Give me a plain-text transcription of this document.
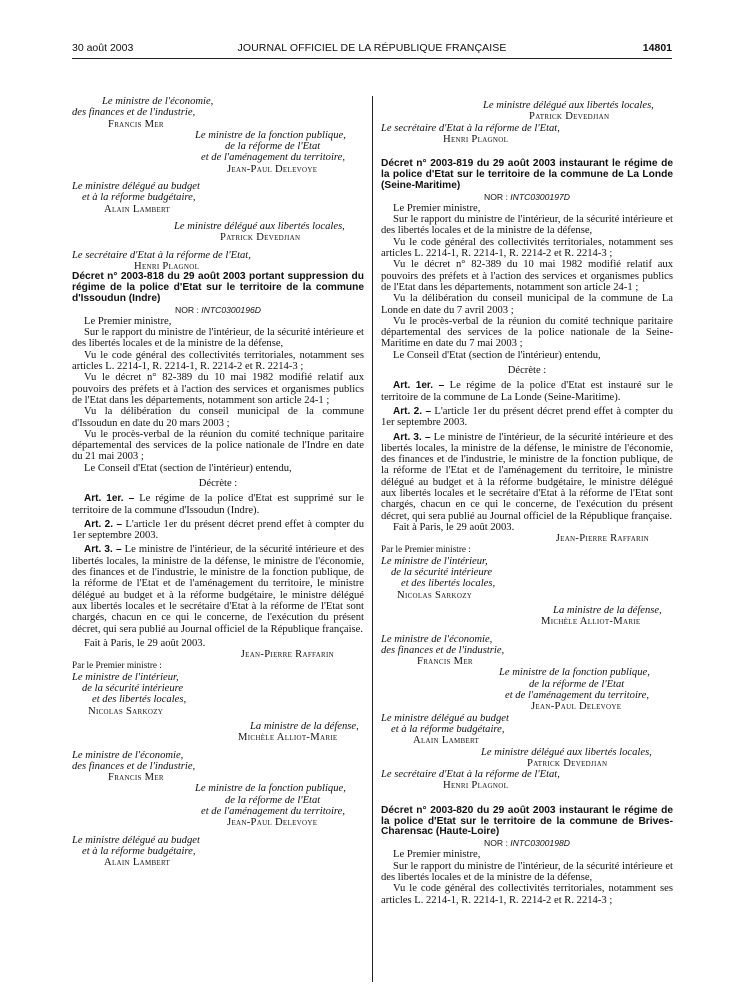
30 août 2003	JOURNAL OFFICIEL DE LA RÉPUBLIQUE FRANÇAISE	14801

Le ministre de l'économie,

des finances et de l'industrie,

Francis Mer

Le ministre de la fonction publique,

de la réforme de l'Etat

et de l'aménagement du territoire,

Jean-Paul Delevoye

Le ministre délégué au budget

et à la réforme budgétaire,

Alain Lambert

Le ministre délégué aux libertés locales,

Patrick Devedjian

Le secrétaire d'Etat à la réforme de l'Etat,

Henri Plagnol

Décret n° 2003-818 du 29 août 2003 portant suppression du régime de la police d'Etat sur le territoire de la commune d'Issoudun (Indre)

NOR : INTC0300196D

Le Premier ministre,

Sur le rapport du ministre de l'intérieur, de la sécurité intérieure et des libertés locales et de la ministre de la défense,

Vu le code général des collectivités territoriales, notamment ses articles L. 2214-1, R. 2214-1, R. 2214-2 et R. 2214-3 ;

Vu le décret n° 82-389 du 10 mai 1982 modifié relatif aux pouvoirs des préfets et à l'action des services et organismes publics de l'Etat dans les départements, notamment son article 24-1 ;

Vu la délibération du conseil municipal de la commune d'Issoudun en date du 20 mars 2003 ;

Vu le procès-verbal de la réunion du comité technique paritaire départemental des services de la police nationale de l'Indre en date du 21 mai 2003 ;

Le Conseil d'Etat (section de l'intérieur) entendu,

Décrète :

Art. 1er. – Le régime de la police d'Etat est supprimé sur le territoire de la commune d'Issoudun (Indre).

Art. 2. – L'article 1er du présent décret prend effet à compter du 1er septembre 2003.

Art. 3. – Le ministre de l'intérieur, de la sécurité intérieure et des libertés locales, la ministre de la défense, le ministre de l'économie, des finances et de l'industrie, le ministre de la fonction publique, de la réforme de l'Etat et de l'aménagement du territoire, le ministre délégué au budget et à la réforme budgétaire, le ministre délégué aux libertés locales et le secrétaire d'Etat à la réforme de l'Etat sont chargés, chacun en ce qui le concerne, de l'exécution du présent décret, qui sera publié au Journal officiel de la République française.

Fait à Paris, le 29 août 2003.

Jean-Pierre Raffarin

Par le Premier ministre :

Le ministre de l'intérieur,

de la sécurité intérieure

et des libertés locales,

Nicolas Sarkozy

La ministre de la défense,

Michèle Alliot-Marie

Le ministre de l'économie,

des finances et de l'industrie,

Francis Mer

Le ministre de la fonction publique,

de la réforme de l'Etat

et de l'aménagement du territoire,

Jean-Paul Delevoye

Le ministre délégué au budget

et à la réforme budgétaire,

Alain Lambert

Le ministre délégué aux libertés locales,

Patrick Devedjian

Le secrétaire d'Etat à la réforme de l'Etat,

Henri Plagnol

Décret n° 2003-819 du 29 août 2003 instaurant le régime de la police d'Etat sur le territoire de la commune de La Londe (Seine-Maritime)

NOR : INTC0300197D

Le Premier ministre,

Sur le rapport du ministre de l'intérieur, de la sécurité intérieure et des libertés locales et de la ministre de la défense,

Vu le code général des collectivités territoriales, notamment ses articles L. 2214-1, R. 2214-1, R. 2214-2 et R. 2214-3 ;

Vu le décret n° 82-389 du 10 mai 1982 modifié relatif aux pouvoirs des préfets et à l'action des services et organismes publics de l'Etat dans les départements, notamment son article 24-1 ;

Vu la délibération du conseil municipal de la commune de La Londe en date du 7 avril 2003 ;

Vu le procès-verbal de la réunion du comité technique paritaire départemental des services de la police nationale de la Seine-Maritime en date du 7 mai 2003 ;

Le Conseil d'Etat (section de l'intérieur) entendu,

Décrète :

Art. 1er. – Le régime de la police d'Etat est instauré sur le territoire de la commune de La Londe (Seine-Maritime).

Art. 2. – L'article 1er du présent décret prend effet à compter du 1er septembre 2003.

Art. 3. – Le ministre de l'intérieur, de la sécurité intérieure et des libertés locales, la ministre de la défense, le ministre de l'économie, des finances et de l'industrie, le ministre de la fonction publique, de la réforme de l'Etat et de l'aménagement du territoire, le ministre délégué au budget et à la réforme budgétaire, le ministre délégué aux libertés locales et le secrétaire d'Etat à la réforme de l'Etat sont chargés, chacun en ce qui le concerne, de l'exécution du présent décret, qui sera publié au Journal officiel de la République française.

Fait à Paris, le 29 août 2003.

Jean-Pierre Raffarin

Par le Premier ministre :

Le ministre de l'intérieur,

de la sécurité intérieure

et des libertés locales,

Nicolas Sarkozy

La ministre de la défense,

Michèle Alliot-Marie

Le ministre de l'économie,

des finances et de l'industrie,

Francis Mer

Le ministre de la fonction publique,

de la réforme de l'Etat

et de l'aménagement du territoire,

Jean-Paul Delevoye

Le ministre délégué au budget

et à la réforme budgétaire,

Alain Lambert

Le ministre délégué aux libertés locales,

Patrick Devedjian

Le secrétaire d'Etat à la réforme de l'Etat,

Henri Plagnol

Décret n° 2003-820 du 29 août 2003 instaurant le régime de la police d'Etat sur le territoire de la commune de Brives-Charensac (Haute-Loire)

NOR : INTC0300198D

Le Premier ministre,

Sur le rapport du ministre de l'intérieur, de la sécurité intérieure et des libertés locales et de la ministre de la défense,

Vu le code général des collectivités territoriales, notamment ses articles L. 2214-1, R. 2214-1, R. 2214-2 et R. 2214-3 ;
